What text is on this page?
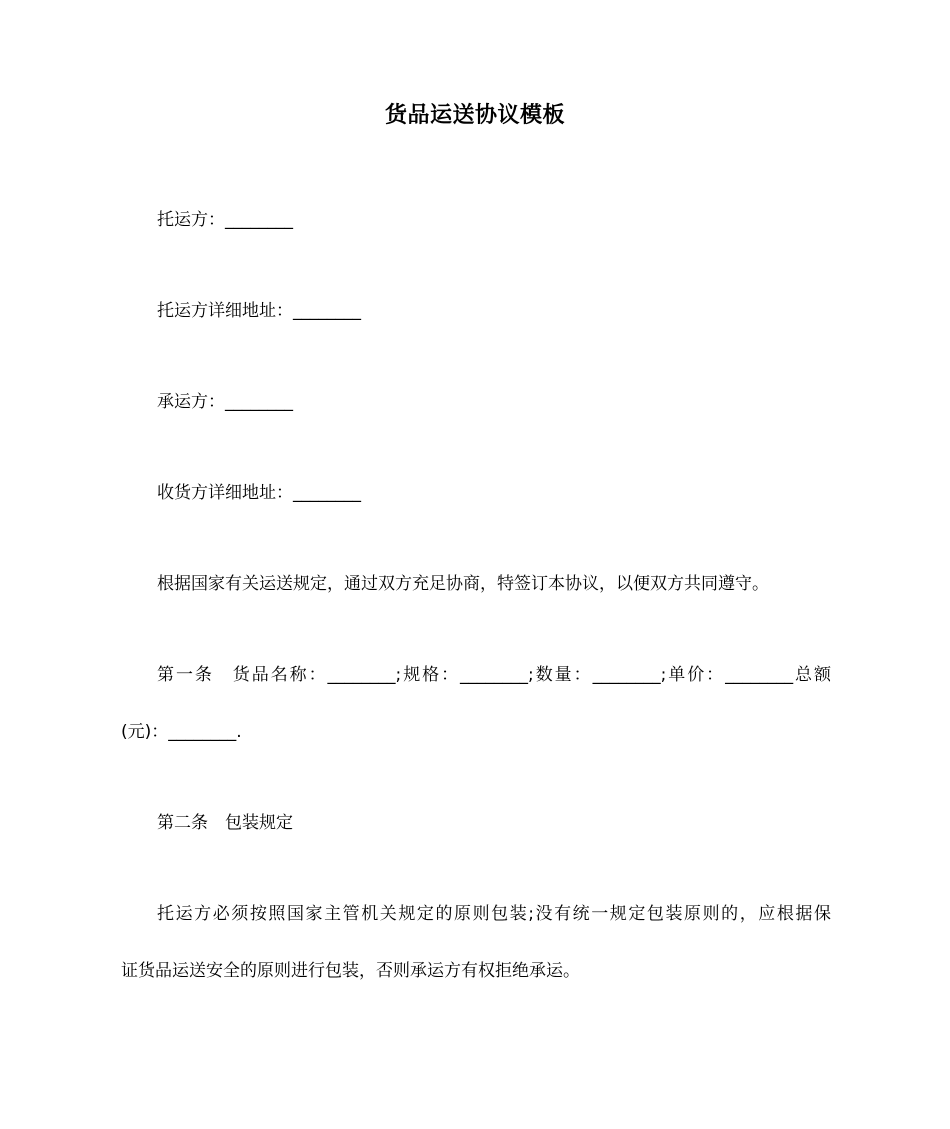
货品运送协议模板
托运方：________
托运方详细地址：________
承运方：________
收货方详细地址：________
根据国家有关运送规定，通过双方充足协商，特签订本协议，以便双方共同遵守。
第一条　货品名称：________;规格：________;数量：________;单价：________总额
(元)：________.
第二条　包装规定
托运方必须按照国家主管机关规定的原则包装;没有统一规定包装原则的，应根据保
证货品运送安全的原则进行包装，否则承运方有权拒绝承运。
